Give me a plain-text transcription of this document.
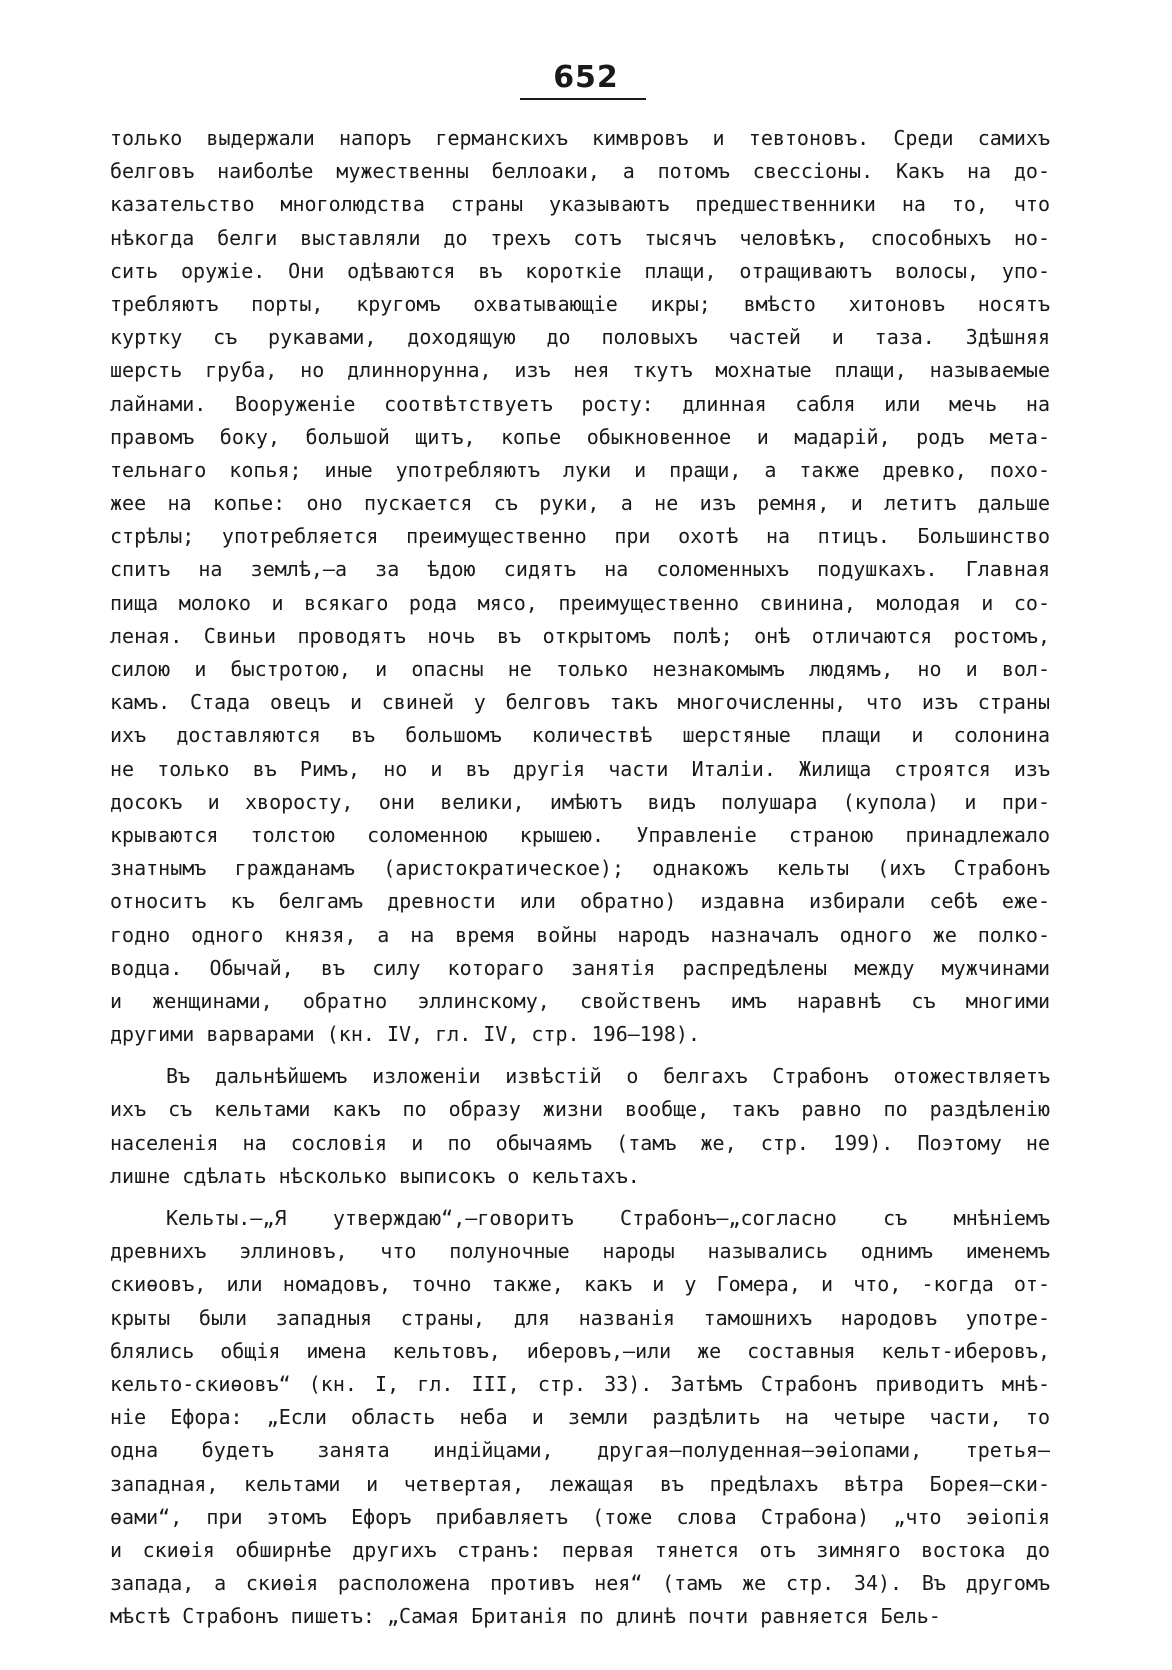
652
только выдержали напоръ германскихъ кимвровъ и тевтоновъ. Среди самихъ
белговъ наиболѣе мужественны беллоаки, а потомъ свессіоны. Какъ на до-
казательство многолюдства страны указываютъ предшественники на то, что
нѣкогда белги выставляли до трехъ сотъ тысячъ человѣкъ, способныхъ но-
сить оружіе. Они одѣваются въ короткіе плащи, отращиваютъ волосы, упо-
требляютъ порты, кругомъ охватывающіе икры; вмѣсто хитоновъ носятъ
куртку съ рукавами, доходящую до половыхъ частей и таза. Здѣшняя
шерсть груба, но длиннорунна, изъ нея ткутъ мохнатые плащи, называемые
лайнами. Вооруженіе соотвѣтствуетъ росту: длинная сабля или мечь на
правомъ боку, большой щитъ, копье обыкновенное и мадарій, родъ мета-
тельнаго копья; иные употребляютъ луки и пращи, а также древко, похо-
жее на копье: оно пускается съ руки, а не изъ ремня, и летитъ дальше
стрѣлы; употребляется преимущественно при охотѣ на птицъ. Большинство
спитъ на землѣ,—а за ѣдою сидятъ на соломенныхъ подушкахъ. Главная
пища молоко и всякаго рода мясо, преимущественно свинина, молодая и со-
леная. Свиньи проводятъ ночь въ открытомъ полѣ; онѣ отличаются ростомъ,
силою и быстротою, и опасны не только незнакомымъ людямъ, но и вол-
камъ. Стада овецъ и свиней у белговъ такъ многочисленны, что изъ страны
ихъ доставляются въ большомъ количествѣ шерстяные плащи и солонина
не только въ Римъ, но и въ другія части Италіи. Жилища строятся изъ
досокъ и хворосту, они велики, имѣютъ видъ полушара (купола) и при-
крываются толстою соломенною крышею. Управленіе страною принадлежало
знатнымъ гражданамъ (аристократическое); однакожъ кельты (ихъ Страбонъ
относитъ къ белгамъ древности или обратно) издавна избирали себѣ еже-
годно одного князя, а на время войны народъ назначалъ одного же полко-
водца. Обычай, въ силу котораго занятія распредѣлены между мужчинами
и женщинами, обратно эллинскому, свойственъ имъ наравнѣ съ многими
другими варварами (кн. IV, гл. IV, стр. 196—198).
Въ дальнѣйшемъ изложеніи извѣстій о белгахъ Страбонъ отожествляетъ
ихъ съ кельтами какъ по образу жизни вообще, такъ равно по раздѣленію
населенія на сословія и по обычаямъ (тамъ же, стр. 199). Поэтому не
лишне сдѣлать нѣсколько выписокъ о кельтахъ.
Кельты.—„Я утверждаю“,—говоритъ Страбонъ—„согласно съ мнѣніемъ
древнихъ эллиновъ, что полуночные народы назывались однимъ именемъ
скиѳовъ, или номадовъ, точно также, какъ и у Гомера, и что, -когда от-
крыты были западныя страны, для названія тамошнихъ народовъ употре-
блялись общія имена кельтовъ, иберовъ,—или же составныя кельт-иберовъ,
кельто-скиѳовъ“ (кн. I, гл. III, стр. 33). Затѣмъ Страбонъ приводитъ мнѣ-
ніе Ефора: „Если область неба и земли раздѣлить на четыре части, то
одна будетъ занята индійцами, другая—полуденная—эѳіопами, третья—
западная, кельтами и четвертая, лежащая въ предѣлахъ вѣтра Борея—ски-
ѳами“, при этомъ Ефоръ прибавляетъ (тоже слова Страбона) „что эѳіопія
и скиѳія обширнѣе другихъ странъ: первая тянется отъ зимняго востока до
запада, а скиѳія расположена противъ нея“ (тамъ же стр. 34). Въ другомъ
мѣстѣ Страбонъ пишетъ: „Самая Британія по длинѣ почти равняется Бель-
